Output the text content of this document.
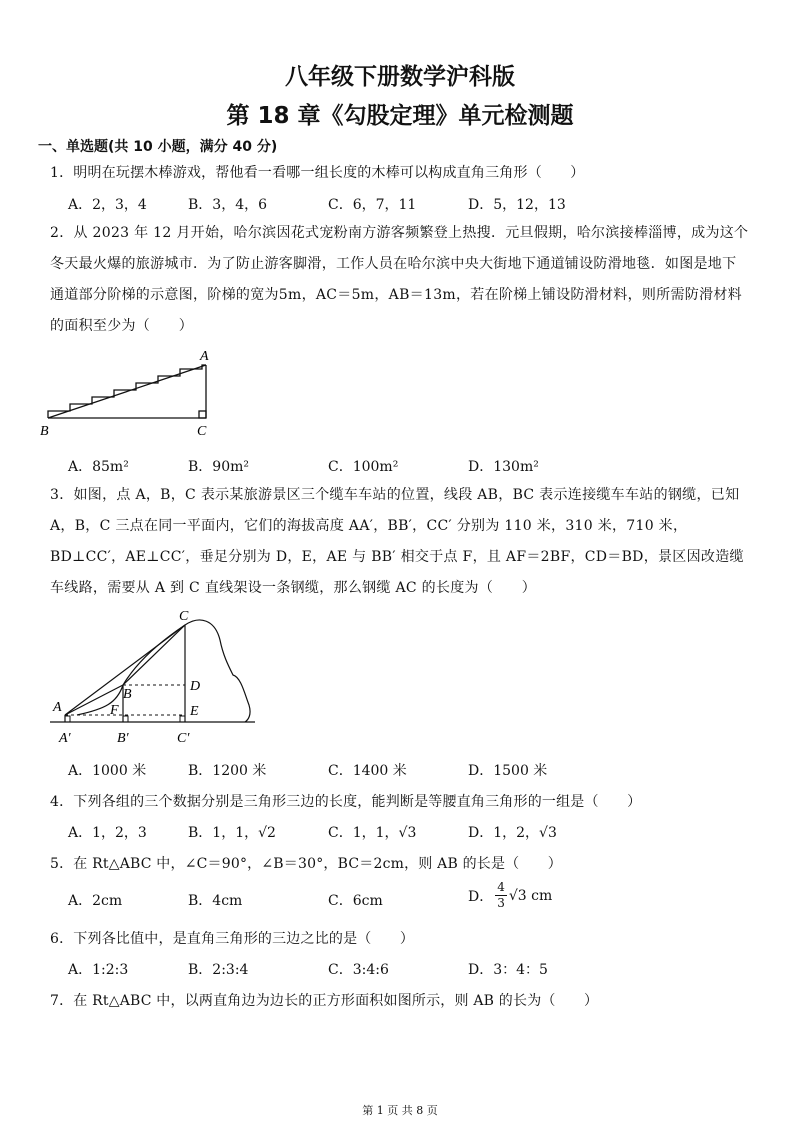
八年级下册数学沪科版
第 18 章《勾股定理》单元检测题
一、单选题(共 10 小题，满分 40 分)
1．明明在玩摆木棒游戏，帮他看一看哪一组长度的木棒可以构成直角三角形（　　）
A．2，3，4	B．3，4，6	C．6，7，11	D．5，12，13
2．从 2023 年 12 月开始，哈尔滨因花式宠粉南方游客频繁登上热搜．元旦假期，哈尔滨接棒淄博，成为这个冬天最火爆的旅游城市．为了防止游客脚滑，工作人员在哈尔滨中央大街地下通道铺设防滑地毯．如图是地下通道部分阶梯的示意图，阶梯的宽为5m，AC＝5m，AB＝13m，若在阶梯上铺设防滑材料，则所需防滑材料的面积至少为（　　）
A
B	C
A．85m²	B．90m²	C．100m²	D．130m²
3．如图，点 A，B，C 表示某旅游景区三个缆车车站的位置，线段 AB，BC 表示连接缆车车站的钢缆，已知 A，B，C 三点在同一平面内，它们的海拔高度 AA′，BB′，CC′ 分别为 110 米，310 米，710 米，BD⊥CC′，AE⊥CC′，垂足分别为 D，E，AE 与 BB′ 相交于点 F，且 AF＝2BF，CD＝BD，景区因改造缆车线路，需要从 A 到 C 直线架设一条钢缆，那么钢缆 AC 的长度为（　　）
C
D
B
F
A	E
A′	B′	C′
A．1000 米	B．1200 米	C．1400 米	D．1500 米
4．下列各组的三个数据分别是三角形三边的长度，能判断是等腰直角三角形的一组是（　　）
A．1，2，3	B．1，1，√2	C．1，1，√3	D．1，2，√3
5．在 Rt△ABC 中，∠C＝90°，∠B＝30°，BC＝2cm，则 AB 的长是（　　）
A．2cm	B．4cm	C．6cm	D． $\frac{4}{3} √3$ cm
6．下列各比值中，是直角三角形的三边之比的是（　　）
A．1:2:3	B．2:3:4	C．3:4:6	D．3：4：5
7．在 Rt△ABC 中，以两直角边为边长的正方形面积如图所示，则 AB 的长为（　　）
第 1 页 共 8 页
